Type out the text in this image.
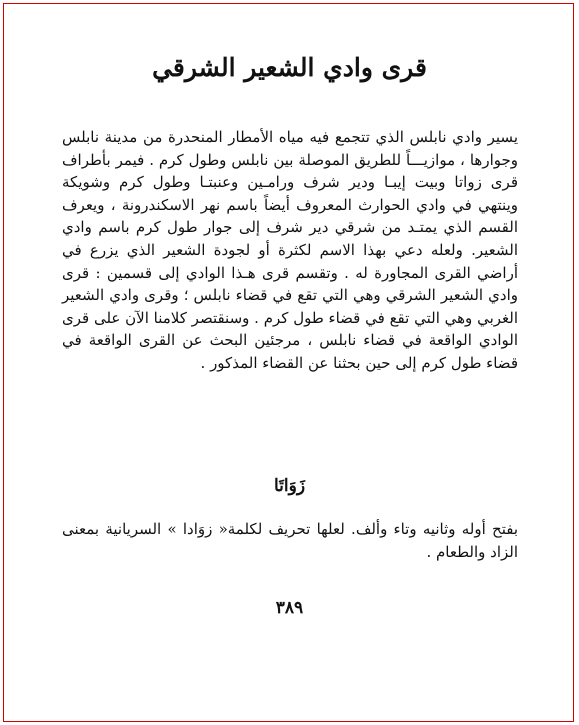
قرى وادي الشعير الشرقي

يسير وادي نابلس الذي تتجمع فيه مياه الأمطار المنحدرة من مدينة نابلس وجوارها ، موازيـــاً للطريق الموصلة بين نابلس وطول كرم . فيمر بأطراف قرى زواتا وبيت إيبـا ودير شرف ورامـين وعنبتـا وطول كرم وشويكة وينتهي في وادي الحوارث المعروف أيضاً باسم نهر الاسكندرونة ، ويعرف القسم الذي يمتـد من شرقي دير شرف إلى جوار طول كرم باسم وادي الشعير. ولعله دعي بهذا الاسم لكثرة أو لجودة الشعير الذي يزرع في أراضي القرى المجاورة له . وتقسم قرى هـذا الوادي إلى قسمين : قرى وادي الشعير الشرقي وهي التي تقع في قضاء نابلس ؛ وقرى وادي الشعير الغربي وهي التي تقع في قضاء طول كرم . وسنقتصر كلامنا الآن على قرى الوادي الواقعة في قضاء نابلس ، مرجئين البحث عن القرى الواقعة في قضاء طول كرم إلى حين بحثنا عن القضاء المذكور .

زَوَاتَا

بفتح أوله وثانيه وتاء وألف. لعلها تحريف لكلمة« زوَادا » السريانية بمعنى الزاد والطعام .

٣٨٩
